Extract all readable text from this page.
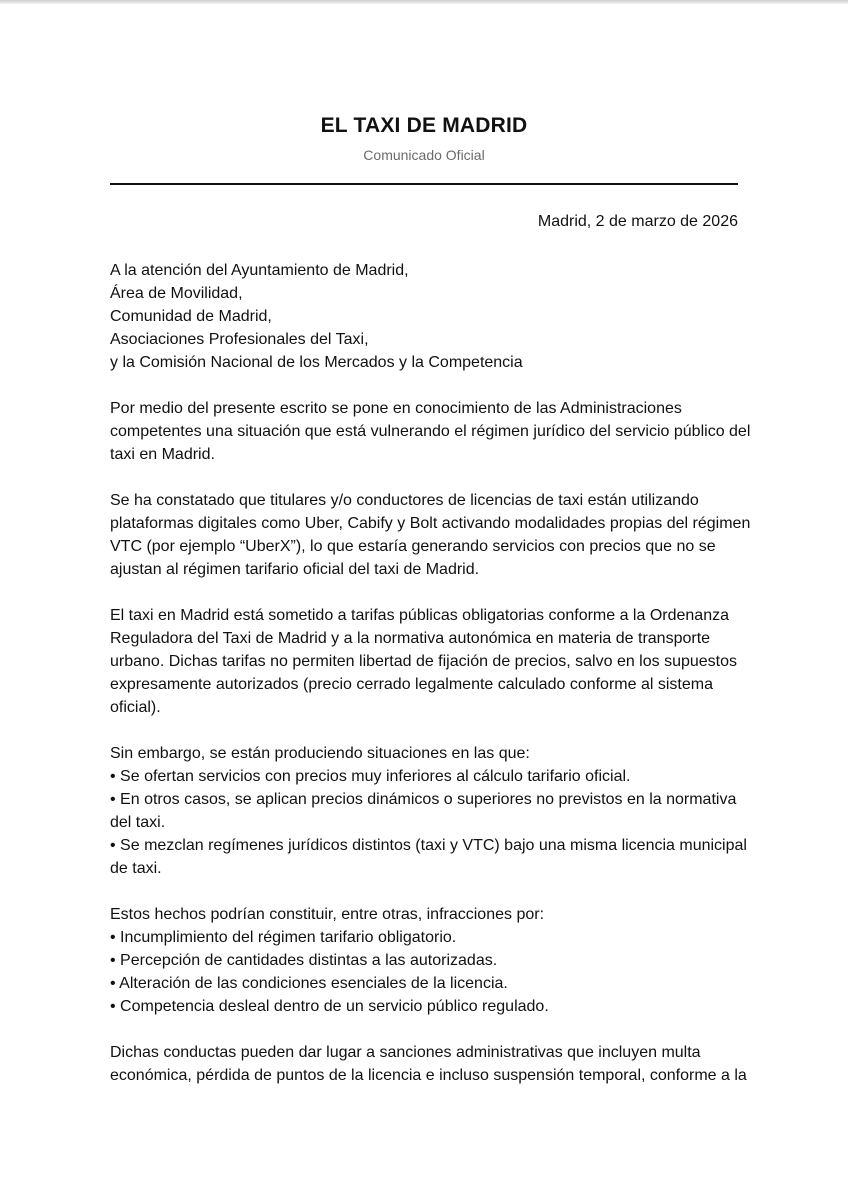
EL TAXI DE MADRID
Comunicado Oficial
Madrid, 2 de marzo de 2026
A la atención del Ayuntamiento de Madrid,
Área de Movilidad,
Comunidad de Madrid,
Asociaciones Profesionales del Taxi,
y la Comisión Nacional de los Mercados y la Competencia
Por medio del presente escrito se pone en conocimiento de las Administraciones
competentes una situación que está vulnerando el régimen jurídico del servicio público del
taxi en Madrid.
Se ha constatado que titulares y/o conductores de licencias de taxi están utilizando
plataformas digitales como Uber, Cabify y Bolt activando modalidades propias del régimen
VTC (por ejemplo “UberX”), lo que estaría generando servicios con precios que no se
ajustan al régimen tarifario oficial del taxi de Madrid.
El taxi en Madrid está sometido a tarifas públicas obligatorias conforme a la Ordenanza
Reguladora del Taxi de Madrid y a la normativa autonómica en materia de transporte
urbano. Dichas tarifas no permiten libertad de fijación de precios, salvo en los supuestos
expresamente autorizados (precio cerrado legalmente calculado conforme al sistema
oficial).
Sin embargo, se están produciendo situaciones en las que:
• Se ofertan servicios con precios muy inferiores al cálculo tarifario oficial.
• En otros casos, se aplican precios dinámicos o superiores no previstos en la normativa
del taxi.
• Se mezclan regímenes jurídicos distintos (taxi y VTC) bajo una misma licencia municipal
de taxi.
Estos hechos podrían constituir, entre otras, infracciones por:
• Incumplimiento del régimen tarifario obligatorio.
• Percepción de cantidades distintas a las autorizadas.
• Alteración de las condiciones esenciales de la licencia.
• Competencia desleal dentro de un servicio público regulado.
Dichas conductas pueden dar lugar a sanciones administrativas que incluyen multa
económica, pérdida de puntos de la licencia e incluso suspensión temporal, conforme a la
